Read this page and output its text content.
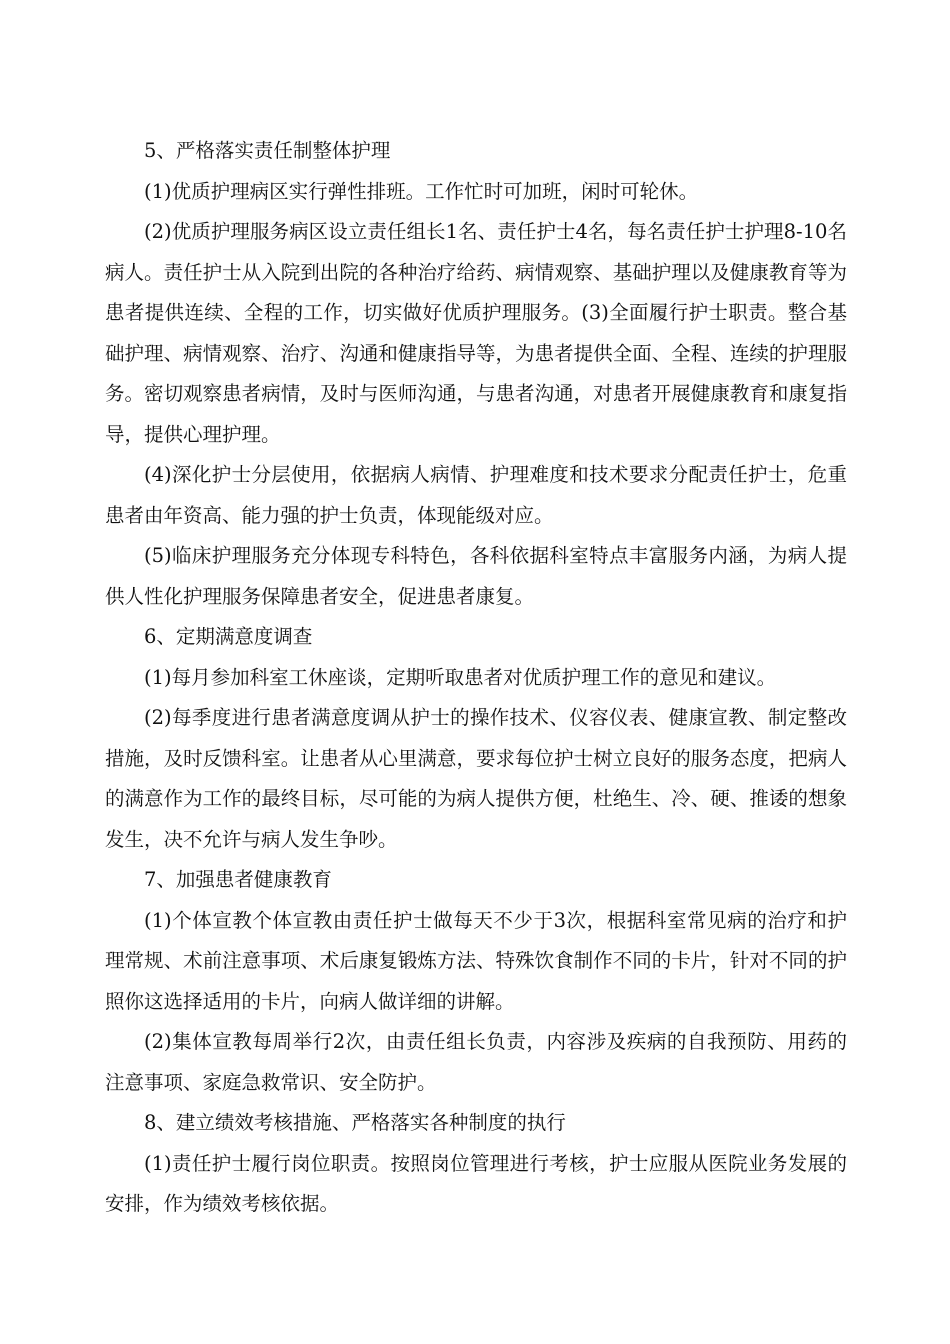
5、严格落实责任制整体护理

(1)优质护理病区实行弹性排班。工作忙时可加班，闲时可轮休。

(2)优质护理服务病区设立责任组长1名、责任护士4名，每名责任护士护理8-10名病人。责任护士从入院到出院的各种治疗给药、病情观察、基础护理以及健康教育等为患者提供连续、全程的工作，切实做好优质护理服务。(3)全面履行护士职责。整合基础护理、病情观察、治疗、沟通和健康指导等，为患者提供全面、全程、连续的护理服务。密切观察患者病情，及时与医师沟通，与患者沟通，对患者开展健康教育和康复指导，提供心理护理。

(4)深化护士分层使用，依据病人病情、护理难度和技术要求分配责任护士，危重患者由年资高、能力强的护士负责，体现能级对应。

(5)临床护理服务充分体现专科特色，各科依据科室特点丰富服务内涵，为病人提供人性化护理服务保障患者安全，促进患者康复。

6、定期满意度调查

(1)每月参加科室工休座谈，定期听取患者对优质护理工作的意见和建议。

(2)每季度进行患者满意度调从护士的操作技术、仪容仪表、健康宣教、制定整改措施，及时反馈科室。让患者从心里满意，要求每位护士树立良好的服务态度，把病人的满意作为工作的最终目标，尽可能的为病人提供方便，杜绝生、冷、硬、推诿的想象发生，决不允许与病人发生争吵。

7、加强患者健康教育

(1)个体宣教个体宣教由责任护士做每天不少于3次，根据科室常见病的治疗和护理常规、术前注意事项、术后康复锻炼方法、特殊饮食制作不同的卡片，针对不同的护照你这选择适用的卡片，向病人做详细的讲解。

(2)集体宣教每周举行2次，由责任组长负责，内容涉及疾病的自我预防、用药的注意事项、家庭急救常识、安全防护。

8、建立绩效考核措施、严格落实各种制度的执行

(1)责任护士履行岗位职责。按照岗位管理进行考核，护士应服从医院业务发展的安排，作为绩效考核依据。
